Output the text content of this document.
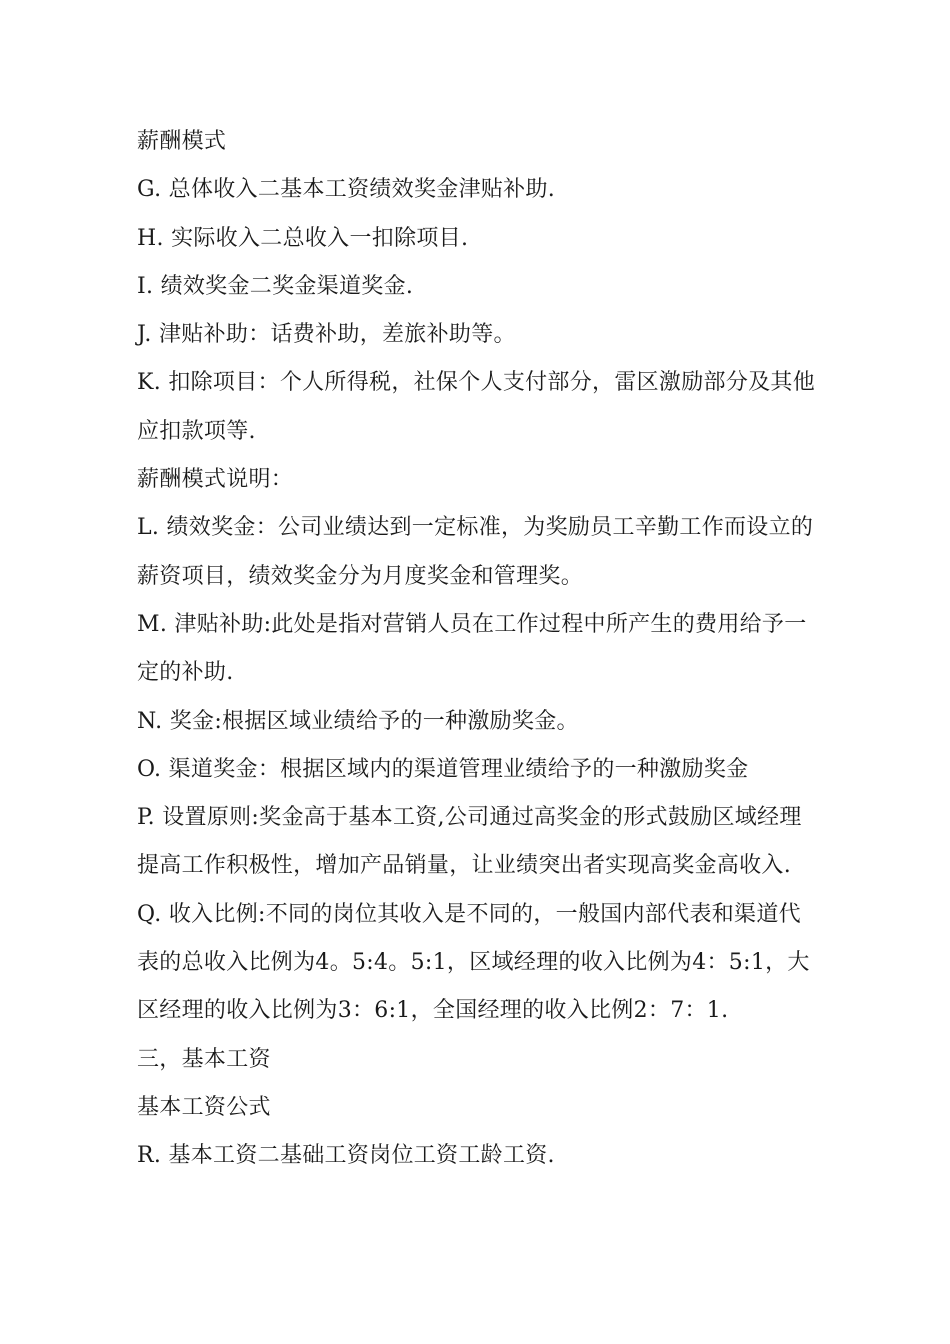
薪酬模式

G. 总体收入二基本工资绩效奖金津贴补助.

H. 实际收入二总收入一扣除项目.

I. 绩效奖金二奖金渠道奖金.

J. 津贴补助：话费补助，差旅补助等。

K. 扣除项目：个人所得税，社保个人支付部分，雷区激励部分及其他

应扣款项等.

薪酬模式说明：

L. 绩效奖金：公司业绩达到一定标准，为奖励员工辛勤工作而设立的

薪资项目，绩效奖金分为月度奖金和管理奖。

M. 津贴补助:此处是指对营销人员在工作过程中所产生的费用给予一

定的补助.

N. 奖金:根据区域业绩给予的一种激励奖金。

O. 渠道奖金：根据区域内的渠道管理业绩给予的一种激励奖金

P. 设置原则:奖金高于基本工资,公司通过高奖金的形式鼓励区域经理

提高工作积极性，增加产品销量，让业绩突出者实现高奖金高收入.

Q. 收入比例:不同的岗位其收入是不同的，一般国内部代表和渠道代

表的总收入比例为4。5:4。5:1，区域经理的收入比例为4：5:1，大

区经理的收入比例为3：6:1，全国经理的收入比例2：7：1.

三，基本工资

基本工资公式

R. 基本工资二基础工资岗位工资工龄工资.
